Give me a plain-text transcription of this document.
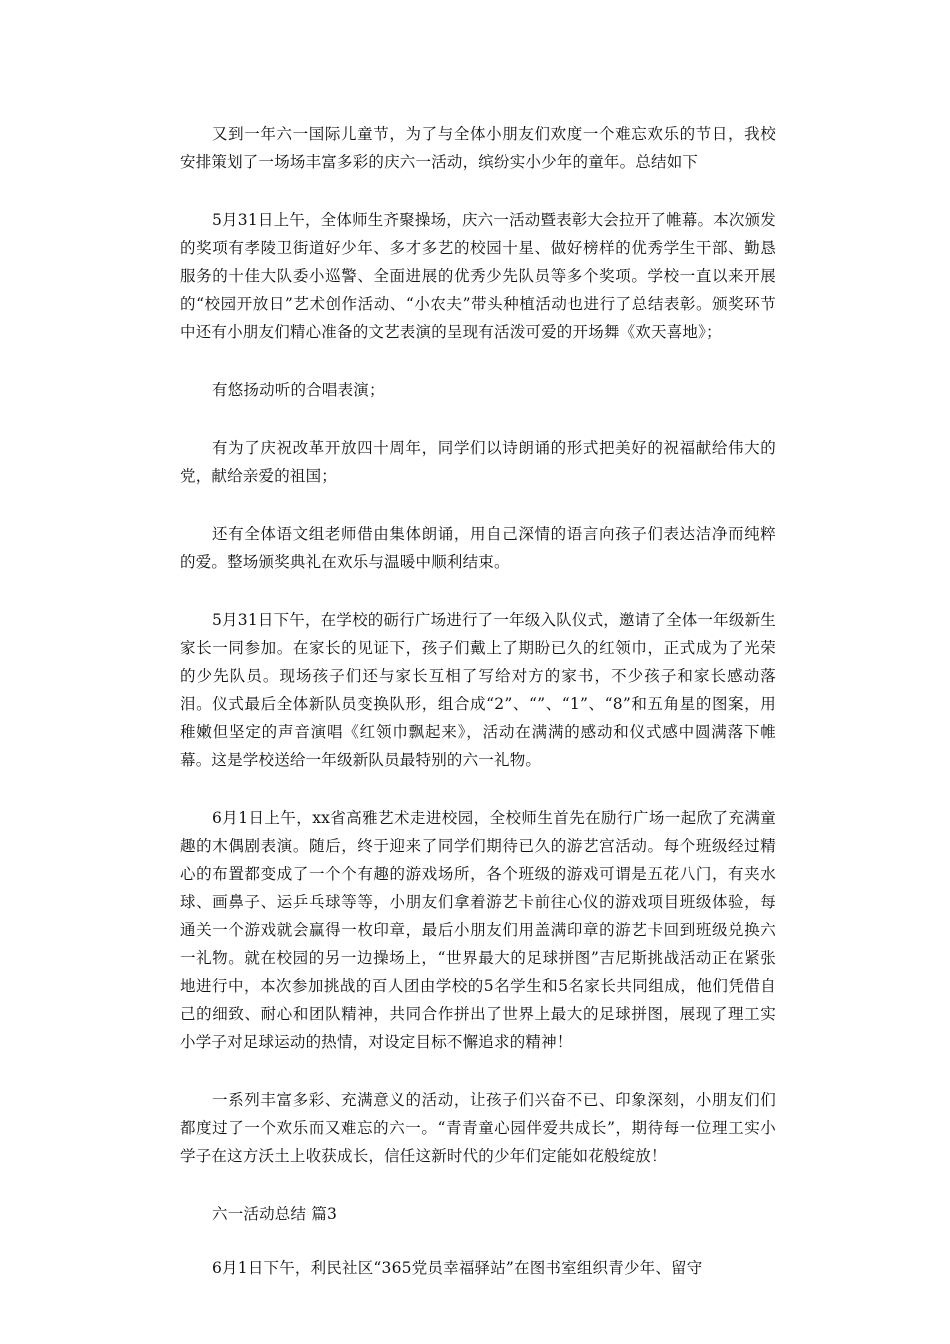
又到一年六一国际儿童节，为了与全体小朋友们欢度一个难忘欢乐的节日，我校安排策划了一场场丰富多彩的庆六一活动，缤纷实小少年的童年。总结如下

5月31日上午，全体师生齐聚操场，庆六一活动暨表彰大会拉开了帷幕。本次颁发的奖项有孝陵卫街道好少年、多才多艺的校园十星、做好榜样的优秀学生干部、勤恳服务的十佳大队委小巡警、全面进展的优秀少先队员等多个奖项。学校一直以来开展的“校园开放日”艺术创作活动、“小农夫”带头种植活动也进行了总结表彰。颁奖环节中还有小朋友们精心准备的文艺表演的呈现有活泼可爱的开场舞《欢天喜地》；

有悠扬动听的合唱表演；

有为了庆祝改革开放四十周年，同学们以诗朗诵的形式把美好的祝福献给伟大的党，献给亲爱的祖国；

还有全体语文组老师借由集体朗诵，用自己深情的语言向孩子们表达洁净而纯粹的爱。整场颁奖典礼在欢乐与温暖中顺利结束。

5月31日下午，在学校的砺行广场进行了一年级入队仪式，邀请了全体一年级新生家长一同参加。在家长的见证下，孩子们戴上了期盼已久的红领巾，正式成为了光荣的少先队员。现场孩子们还与家长互相了写给对方的家书，不少孩子和家长感动落泪。仪式最后全体新队员变换队形，组合成“2”、“”、“1”、“8”和五角星的图案，用稚嫩但坚定的声音演唱《红领巾飘起来》，活动在满满的感动和仪式感中圆满落下帷幕。这是学校送给一年级新队员最特别的六一礼物。

6月1日上午，xx省高雅艺术走进校园，全校师生首先在励行广场一起欣了充满童趣的木偶剧表演。随后，终于迎来了同学们期待已久的游艺宫活动。每个班级经过精心的布置都变成了一个个有趣的游戏场所，各个班级的游戏可谓是五花八门，有夹水球、画鼻子、运乒乓球等等，小朋友们拿着游艺卡前往心仪的游戏项目班级体验，每通关一个游戏就会赢得一枚印章，最后小朋友们用盖满印章的游艺卡回到班级兑换六一礼物。就在校园的另一边操场上，“世界最大的足球拼图”吉尼斯挑战活动正在紧张地进行中，本次参加挑战的百人团由学校的5名学生和5名家长共同组成，他们凭借自己的细致、耐心和团队精神，共同合作拼出了世界上最大的足球拼图，展现了理工实小学子对足球运动的热情，对设定目标不懈追求的精神！

一系列丰富多彩、充满意义的活动，让孩子们兴奋不已、印象深刻，小朋友们们都度过了一个欢乐而又难忘的六一。“青青童心园伴爱共成长”，期待每一位理工实小学子在这方沃土上收获成长，信任这新时代的少年们定能如花般绽放！

六一活动总结 篇3

6月1日下午，利民社区“365党员幸福驿站”在图书室组织青少年、留守
